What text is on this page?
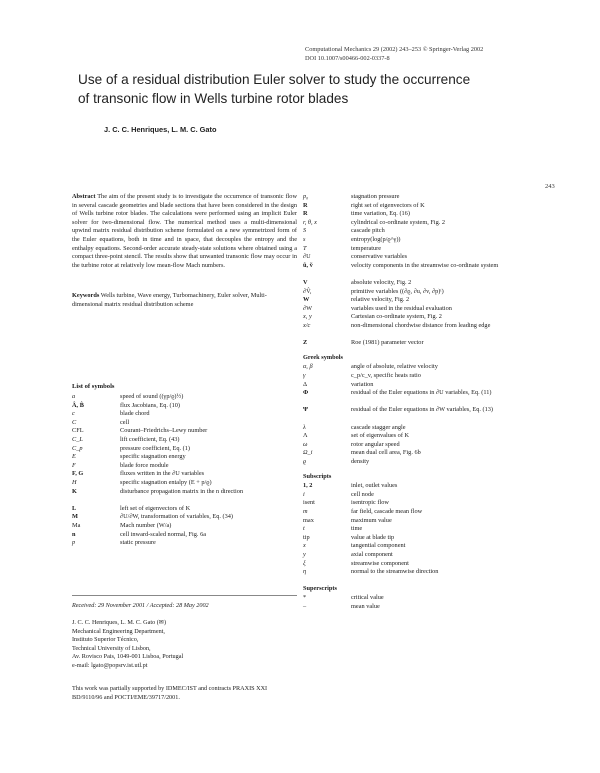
Computational Mechanics 29 (2002) 243–253 © Springer-Verlag 2002
DOI 10.1007/s00466-002-0337-8
Use of a residual distribution Euler solver to study the occurrence
of transonic flow in Wells turbine rotor blades
J. C. C. Henriques, L. M. C. Gato
243
Abstract The aim of the present study is to investigate the occurrence of transonic flow in several cascade geometries and blade sections that have been considered in the design of Wells turbine rotor blades. The calculations were performed using an implicit Euler solver for two-dimensional flow. The numerical method uses a multi-dimensional upwind matrix residual distribution scheme formulated on a new symmetrized form of the Euler equations, both in time and in space, that decouples the entropy and the enthalpy equations. Second-order accurate steady-state solutions where obtained using a compact three-point stencil. The results show that unwanted transonic flow may occur in the turbine rotor at relatively low mean-flow Mach numbers.
Keywords Wells turbine, Wave energy, Turbomachinery, Euler solver, Multi-dimensional matrix residual distribution scheme
List of symbols
a	speed of sound ((γp/ϱ)½)
Â, B̂	flux Jacobians, Eq. (10)
c	blade chord
C	cell
CFL	Courant–Friedrichs–Lewy number
C_L	lift coefficient, Eq. (43)
C_p	pressure coefficient, Eq. (1)
E	specific stagnation energy
F	blade force module
F, G	fluxes written in the ∂U variables
H	specific stagnation entalpy (E + p/ϱ)
K	disturbance propagation matrix in the n direction
L	left set of eigenvectors of K
M	∂U/∂W, transformation of variables, Eq. (34)
Ma	Mach number (W/a)
n	cell inward-scaled normal, Fig. 6a
p	static pressure
p₀	stagnation pressure
R	right set of eigenvectors of K
R	time variation, Eq. (16)
r, θ, x	cylindrical co-ordinate system, Fig. 2
S	cascade pitch
s	entropy(log(p/ϱ^γ))
T	temperature
∂U	conservative variables
ũ, ṽ	velocity components in the streamwise co-ordinate system
V	absolute velocity, Fig. 2
∂V̂,	primitive variables ((∂ϱ, ∂u, ∂v, ∂p)ᵗ)
W	relative velocity, Fig. 2
∂W	variables used in the residual evaluation
x, y	Cartesian co-ordinate system, Fig. 2
x/c	non-dimensional chordwise distance from leading edge
Z	Roe (1981) parameter vector
Greek symbols
α, β	angle of absolute, relative velocity
γ	c_p/c_v, specific heats ratio
Δ	variation
Φ	residual of the Euler equations in ∂U variables, Eq. (11)
Ψ	residual of the Euler equations in ∂W variables, Eq. (13)
λ	cascade stagger angle
Λ	set of eigenvalues of K
ω	rotor angular speed
Ω_i	mean dual cell area, Fig. 6b
ϱ	density
Subscripts
1, 2	inlet, outlet values
i	cell node
isent	isentropic flow
m	far field, cascade mean flow
max	maximum value
t	time
tip	value at blade tip
x	tangential component
y	axial component
ξ	streamwise component
η	normal to the streamwise direction
Superscripts
*	critical value
–	mean value
Received: 29 November 2001 / Accepted: 28 May 2002
J. C. C. Henriques, L. M. C. Gato (✉)
Mechanical Engineering Department,
Instituto Superior Técnico,
Technical University of Lisbon,
Av. Rovisco Pais, 1049-001 Lisboa, Portugal
e-mail: lgato@popsrv.ist.utl.pt
This work was partially supported by IDMEC/IST and contracts PRAXIS XXI BD/9110/96 and POCTI/EME/39717/2001.
